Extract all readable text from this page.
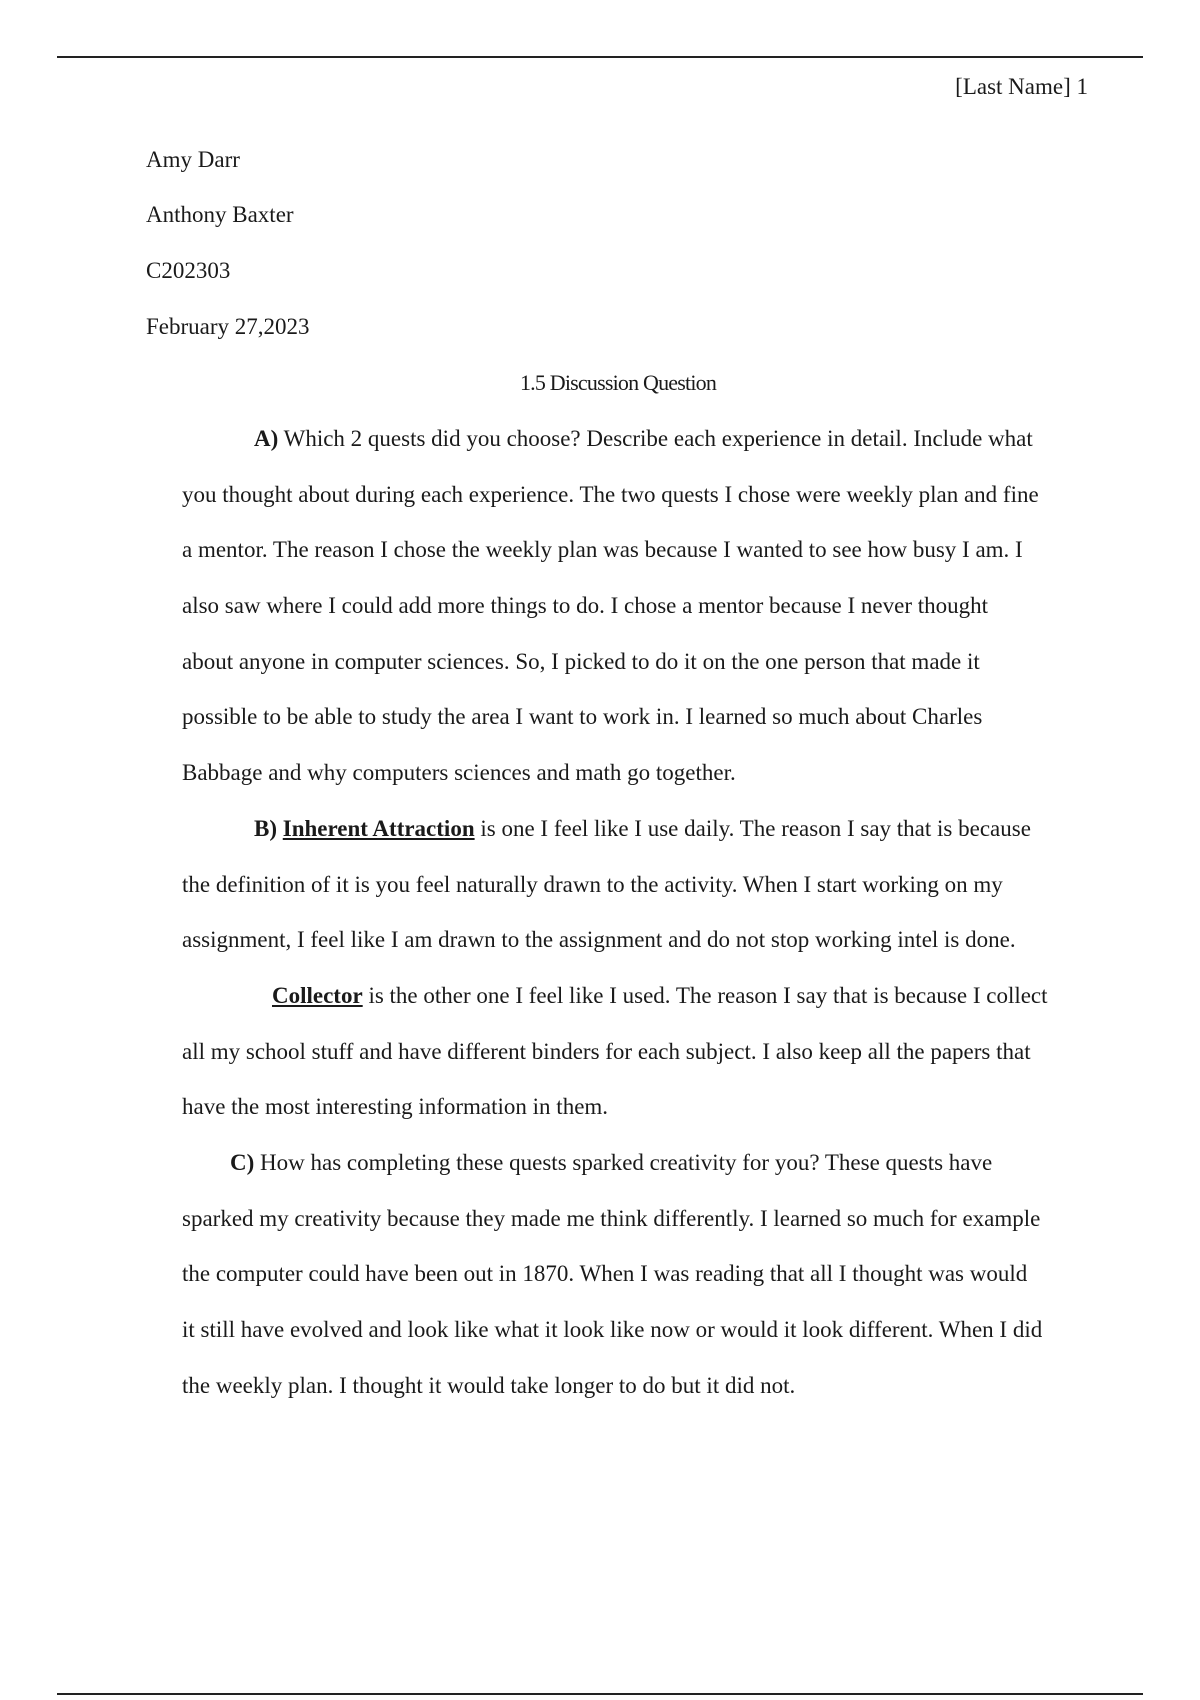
[Last Name] 1
Amy Darr
Anthony Baxter
C202303
February 27,2023
1.5 Discussion Question
A) Which 2 quests did you choose? Describe each experience in detail. Include what
you thought about during each experience. The two quests I chose were weekly plan and fine
a mentor. The reason I chose the weekly plan was because I wanted to see how busy I am. I
also saw where I could add more things to do. I chose a mentor because I never thought
about anyone in computer sciences. So, I picked to do it on the one person that made it
possible to be able to study the area I want to work in. I learned so much about Charles
Babbage and why computers sciences and math go together.
B) Inherent Attraction is one I feel like I use daily. The reason I say that is because
the definition of it is you feel naturally drawn to the activity. When I start working on my
assignment, I feel like I am drawn to the assignment and do not stop working intel is done.
Collector is the other one I feel like I used. The reason I say that is because I collect
all my school stuff and have different binders for each subject. I also keep all the papers that
have the most interesting information in them.
C) How has completing these quests sparked creativity for you? These quests have
sparked my creativity because they made me think differently. I learned so much for example
the computer could have been out in 1870. When I was reading that all I thought was would
it still have evolved and look like what it look like now or would it look different. When I did
the weekly plan. I thought it would take longer to do but it did not.
